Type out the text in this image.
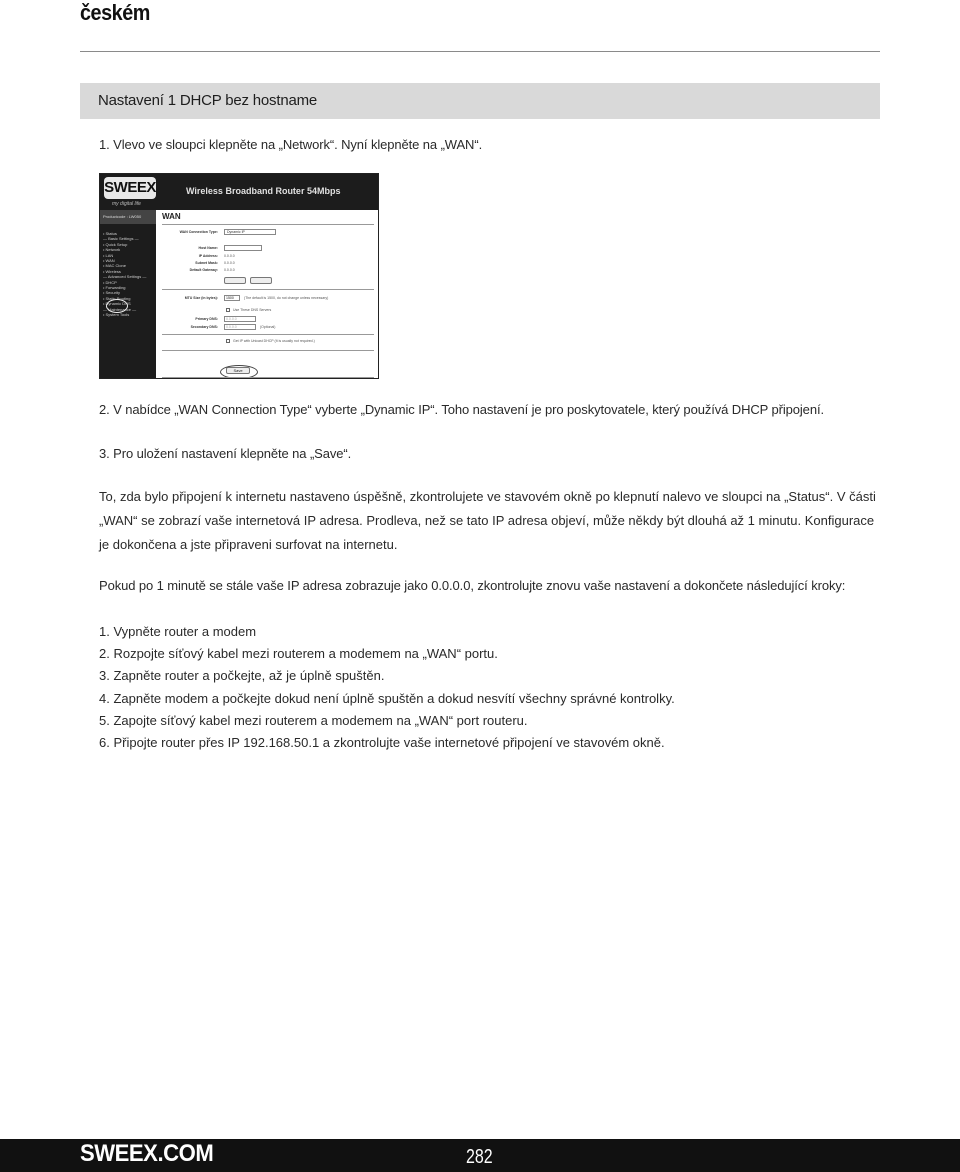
českém
Nastavení 1 DHCP bez hostname
1. Vlevo ve sloupci klepněte na „Network“. Nyní klepněte na „WAN“.
SWEEX
my digital life
Wireless Broadband Router 54Mbps
Productcode : LW050
• Status
— Basic Settings —
• Quick Setup
• Network
• LAN
• WAN
• MAC Clone
• Wireless
— Advanced Settings —
• DHCP
• Forwarding
• Security
• Static Routing
• Dynamic DNS
— Maintenance —
• System Tools
WAN
WAN Connection Type:	Dynamic IP
Host Name:
IP Address: 0.0.0.0
Subnet Mask: 0.0.0.0
Default Gateway: 0.0.0.0
MTU Size (in bytes):	1500	(The default is 1500, do not change unless necessary)
Use These DNS Servers
Primary DNS:	0.0.0.0
Secondary DNS:	0.0.0.0	(Optional)
Get IP with Unicast DHCP (It is usually not required.)
Save
2. V nabídce „WAN Connection Type“ vyberte „Dynamic IP“. Toho nastavení je pro poskytovatele, který používá DHCP připojení.
3. Pro uložení nastavení klepněte na „Save“.
To, zda bylo připojení k internetu nastaveno úspěšně, zkontrolujete ve stavovém okně po klepnutí nalevo ve sloupci na „Status“. V části „WAN“ se zobrazí vaše internetová IP adresa. Prodleva, než se tato IP adresa objeví, může někdy být dlouhá až 1 minutu. Konfigurace je dokončena a jste připraveni surfovat na internetu.
Pokud po 1 minutě se stále vaše IP adresa zobrazuje jako 0.0.0.0, zkontrolujte znovu vaše nastavení a dokončete následující kroky:
1. Vypněte router a modem
2. Rozpojte síťový kabel mezi routerem a modemem na „WAN“ portu.
3. Zapněte router a počkejte, až je úplně spuštěn.
4. Zapněte modem a počkejte dokud není úplně spuštěn a dokud nesvítí všechny správné kontrolky.
5. Zapojte síťový kabel mezi routerem a modemem na „WAN“ port routeru.
6. Připojte router přes IP 192.168.50.1 a zkontrolujte vaše internetové připojení ve stavovém okně.
SWEEX.COM	282
